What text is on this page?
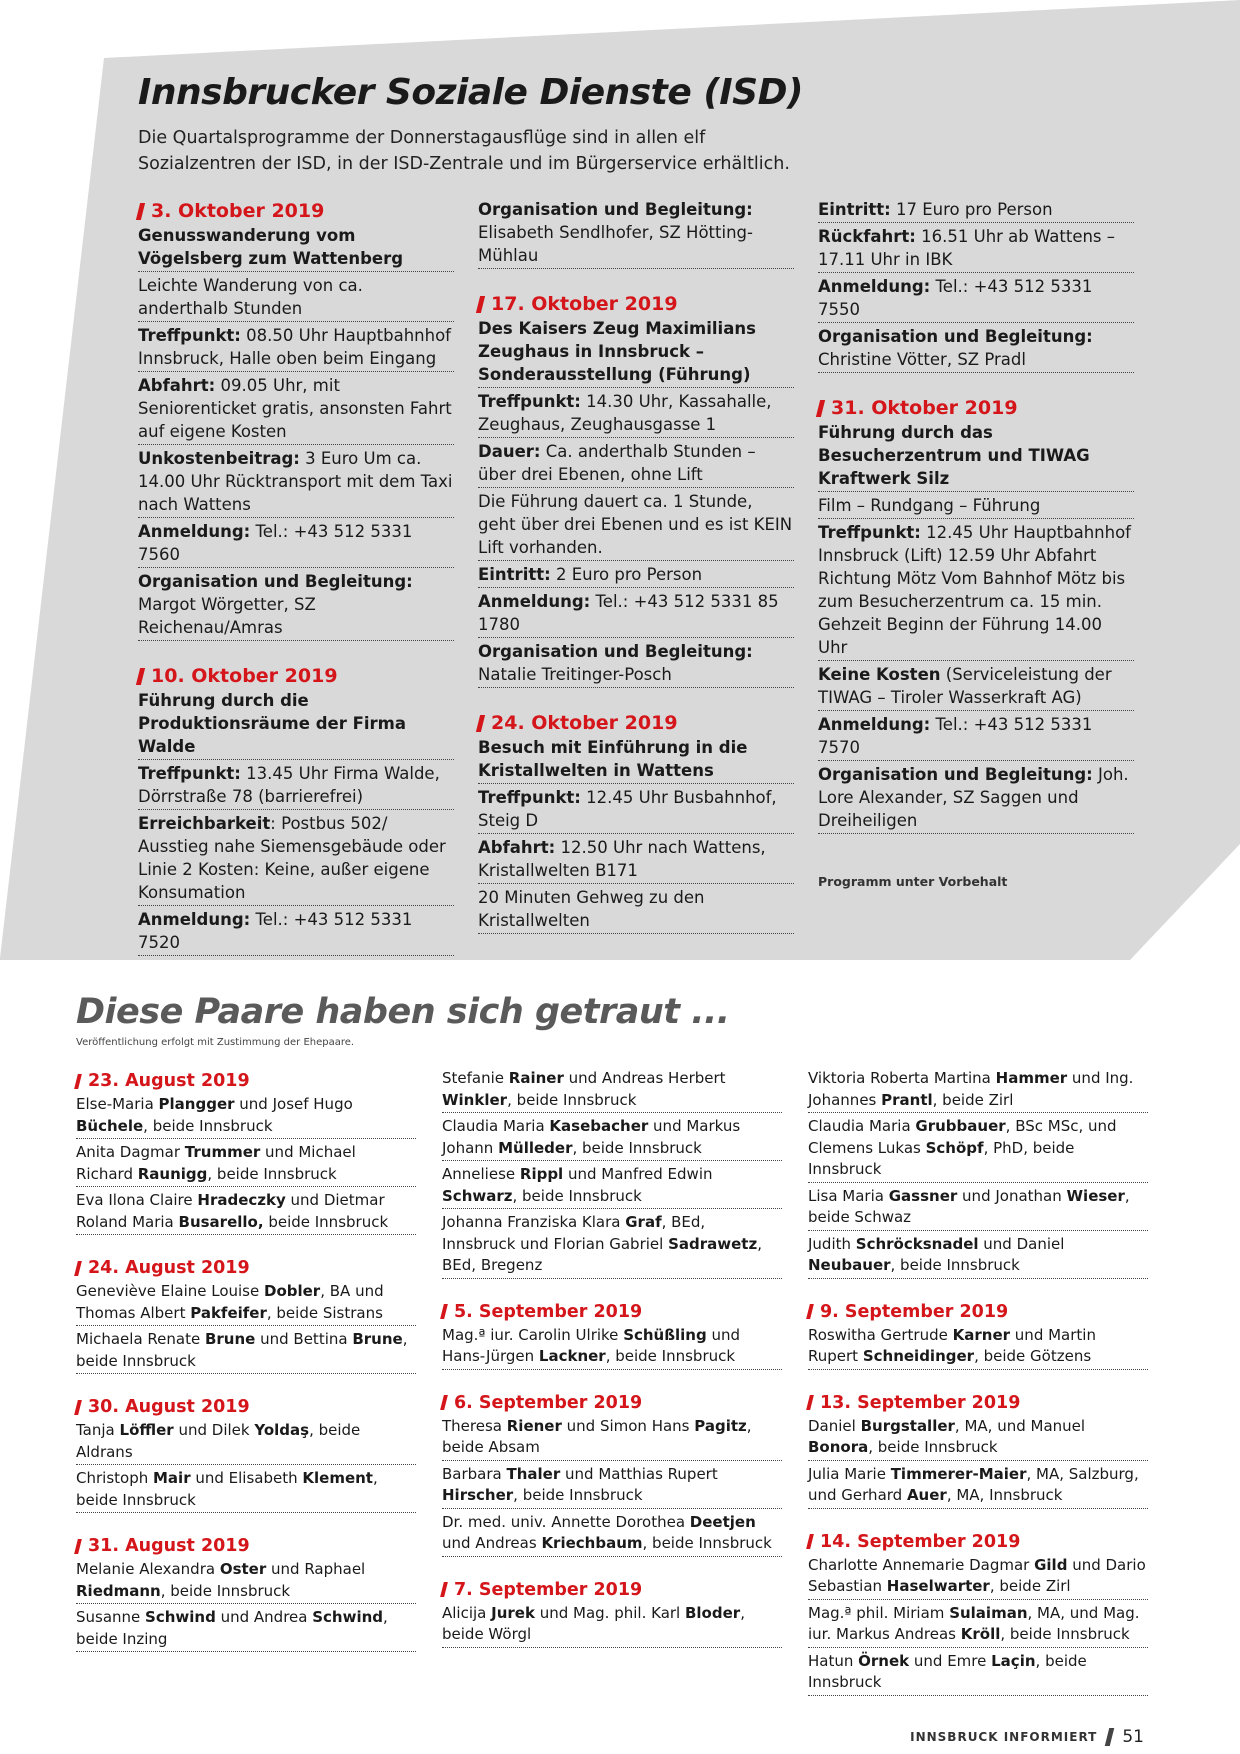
Innsbrucker Soziale Dienste (ISD)

Die Quartalsprogramme der Donnerstagausflüge sind in allen elf Sozialzentren der ISD, in der ISD-Zentrale und im Bürgerservice erhältlich.

3. Oktober 2019
Genusswanderung vom Vögelsberg zum Wattenberg
Leichte Wanderung von ca. anderthalb Stunden
Treffpunkt: 08.50 Uhr Hauptbahnhof Innsbruck, Halle oben beim Eingang
Abfahrt: 09.05 Uhr, mit Seniorenticket gratis, ansonsten Fahrt auf eigene Kosten
Unkostenbeitrag: 3 Euro Um ca. 14.00 Uhr Rücktransport mit dem Taxi nach Wattens
Anmeldung: Tel.: +43 512 5331 7560
Organisation und Begleitung: Margot Wörgetter, SZ Reichenau/Amras
10. Oktober 2019
Führung durch die Produktionsräume der Firma Walde
Treffpunkt: 13.45 Uhr Firma Walde, Dörrstraße 78 (barrierefrei)
Erreichbarkeit: Postbus 502/ Ausstieg nahe Siemensgebäude oder Linie 2 Kosten: Keine, außer eigene Konsumation
Anmeldung: Tel.: +43 512 5331 7520
Organisation und Begleitung: Elisabeth Sendlhofer, SZ Hötting-Mühlau
17. Oktober 2019
Des Kaisers Zeug Maximilians Zeughaus in Innsbruck – Sonderausstellung (Führung)
Treffpunkt: 14.30 Uhr, Kassahalle, Zeughaus, Zeughausgasse 1
Dauer: Ca. anderthalb Stunden – über drei Ebenen, ohne Lift
Die Führung dauert ca. 1 Stunde, geht über drei Ebenen und es ist KEIN Lift vorhanden.
Eintritt: 2 Euro pro Person
Anmeldung: Tel.: +43 512 5331 85 1780
Organisation und Begleitung: Natalie Treitinger-Posch
24. Oktober 2019
Besuch mit Einführung in die Kristallwelten in Wattens
Treffpunkt: 12.45 Uhr Busbahnhof, Steig D
Abfahrt: 12.50 Uhr nach Wattens, Kristallwelten B171
20 Minuten Gehweg zu den Kristallwelten
Eintritt: 17 Euro pro Person
Rückfahrt: 16.51 Uhr ab Wattens – 17.11 Uhr in IBK
Anmeldung: Tel.: +43 512 5331 7550
Organisation und Begleitung: Christine Vötter, SZ Pradl
31. Oktober 2019
Führung durch das Besucherzentrum und TIWAG Kraftwerk Silz
Film – Rundgang – Führung
Treffpunkt: 12.45 Uhr Hauptbahnhof Innsbruck (Lift) 12.59 Uhr Abfahrt Richtung Mötz Vom Bahnhof Mötz bis zum Besucherzentrum ca. 15 min. Gehzeit Beginn der Führung 14.00 Uhr
Keine Kosten (Serviceleistung der TIWAG – Tiroler Wasserkraft AG)
Anmeldung: Tel.: +43 512 5331 7570
Organisation und Begleitung: Joh. Lore Alexander, SZ Saggen und Dreiheiligen
Programm unter Vorbehalt
Diese Paare haben sich getraut ...

Veröffentlichung erfolgt mit Zustimmung der Ehepaare.

23. August 2019
Else-Maria Plangger und Josef Hugo Büchele, beide Innsbruck
Anita Dagmar Trummer und Michael Richard Raunigg, beide Innsbruck
Eva Ilona Claire Hradeczky und Dietmar Roland Maria Busarello, beide Innsbruck
24. August 2019
Geneviève Elaine Louise Dobler, BA und Thomas Albert Pakfeifer, beide Sistrans
Michaela Renate Brune und Bettina Brune, beide Innsbruck
30. August 2019
Tanja Löffler und Dilek Yoldaş, beide Aldrans
Christoph Mair und Elisabeth Klement, beide Innsbruck
31. August 2019
Melanie Alexandra Oster und Raphael Riedmann, beide Innsbruck
Susanne Schwind und Andrea Schwind, beide Inzing
Stefanie Rainer und Andreas Herbert Winkler, beide Innsbruck
Claudia Maria Kasebacher und Markus Johann Mülleder, beide Innsbruck
Anneliese Rippl und Manfred Edwin Schwarz, beide Innsbruck
Johanna Franziska Klara Graf, BEd, Innsbruck und Florian Gabriel Sadrawetz, BEd, Bregenz
5. September 2019
Mag.ª iur. Carolin Ulrike Schüßling und Hans-Jürgen Lackner, beide Innsbruck
6. September 2019
Theresa Riener und Simon Hans Pagitz, beide Absam
Barbara Thaler und Matthias Rupert Hirscher, beide Innsbruck
Dr. med. univ. Annette Dorothea Deetjen und Andreas Kriechbaum, beide Innsbruck
7. September 2019
Alicija Jurek und Mag. phil. Karl Bloder, beide Wörgl
Viktoria Roberta Martina Hammer und Ing. Johannes Prantl, beide Zirl
Claudia Maria Grubbauer, BSc MSc, und Clemens Lukas Schöpf, PhD, beide Innsbruck
Lisa Maria Gassner und Jonathan Wieser, beide Schwaz
Judith Schröcksnadel und Daniel Neubauer, beide Innsbruck
9. September 2019
Roswitha Gertrude Karner und Martin Rupert Schneidinger, beide Götzens
13. September 2019
Daniel Burgstaller, MA, und Manuel Bonora, beide Innsbruck
Julia Marie Timmerer-Maier, MA, Salzburg, und Gerhard Auer, MA, Innsbruck
14. September 2019
Charlotte Annemarie Dagmar Gild und Dario Sebastian Haselwarter, beide Zirl
Mag.ª phil. Miriam Sulaiman, MA, und Mag. iur. Markus Andreas Kröll, beide Innsbruck
Hatun Örnek und Emre Laçin, beide Innsbruck
INNSBRUCK INFORMIERT 51
